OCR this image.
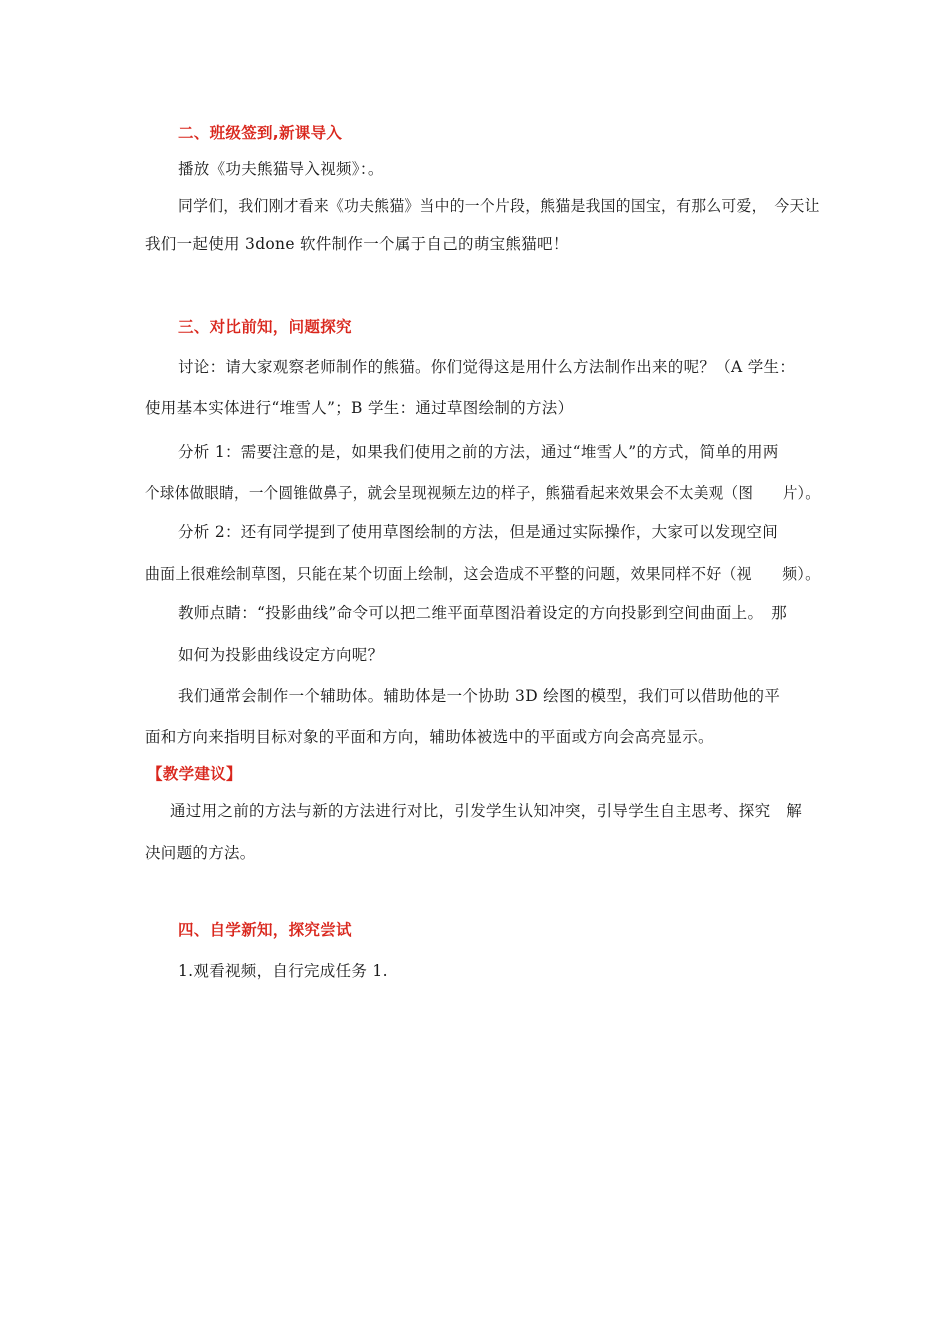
二、班级签到,新课导入
播放《功夫熊猫导入视频》：。
同学们，我们刚才看来《功夫熊猫》当中的一个片段，熊猫是我国的国宝，有那么可爱，　今天让
我们一起使用 3done 软件制作一个属于自己的萌宝熊猫吧！
三、对比前知，问题探究
讨论：请大家观察老师制作的熊猫。你们觉得这是用什么方法制作出来的呢？（A 学生：
使用基本实体进行“堆雪人”；B 学生：通过草图绘制的方法）
分析 1：需要注意的是，如果我们使用之前的方法，通过“堆雪人”的方式，简单的用两
个球体做眼睛，一个圆锥做鼻子，就会呈现视频左边的样子，熊猫看起来效果会不太美观（图　　片）。
分析 2：还有同学提到了使用草图绘制的方法，但是通过实际操作，大家可以发现空间
曲面上很难绘制草图，只能在某个切面上绘制，这会造成不平整的问题，效果同样不好（视　　频）。
教师点睛：“投影曲线”命令可以把二维平面草图沿着设定的方向投影到空间曲面上。　那
如何为投影曲线设定方向呢？
我们通常会制作一个辅助体。辅助体是一个协助 3D 绘图的模型，我们可以借助他的平
面和方向来指明目标对象的平面和方向，辅助体被选中的平面或方向会高亮显示。
【教学建议】
通过用之前的方法与新的方法进行对比，引发学生认知冲突，引导学生自主思考、探究　解
决问题的方法。
四、自学新知，探究尝试
1.观看视频，自行完成任务 1.
